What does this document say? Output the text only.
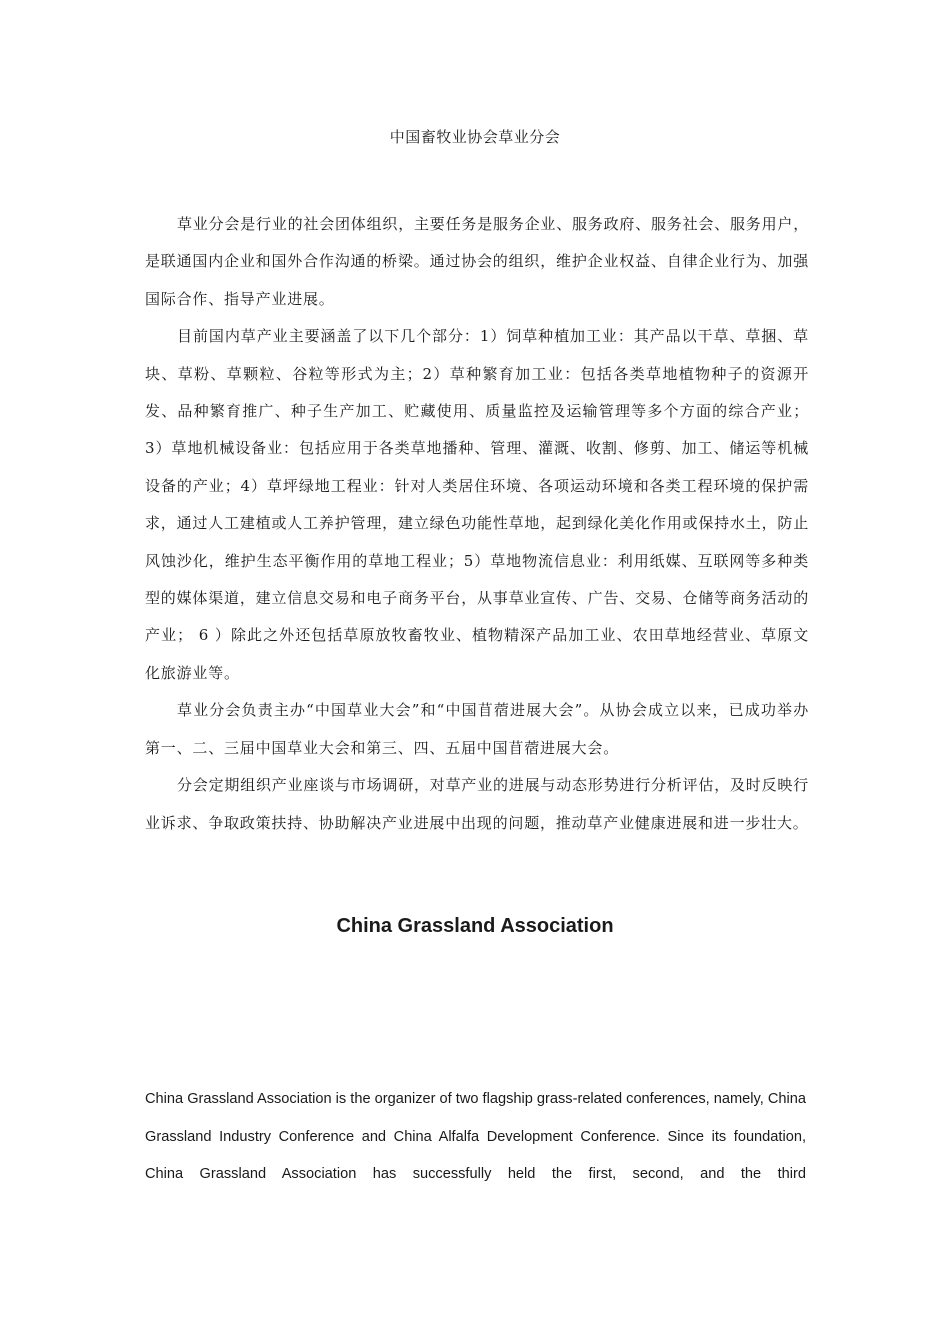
中国畜牧业协会草业分会

草业分会是行业的社会团体组织，主要任务是服务企业、服务政府、服务社会、服务用户，是联通国内企业和国外合作沟通的桥梁。通过协会的组织，维护企业权益、自律企业行为、加强国际合作、指导产业进展。

目前国内草产业主要涵盖了以下几个部分：1）饲草种植加工业：其产品以干草、草捆、草块、草粉、草颗粒、谷粒等形式为主；2）草种繁育加工业：包括各类草地植物种子的资源开发、品种繁育推广、种子生产加工、贮藏使用、质量监控及运输管理等多个方面的综合产业； 3）草地机械设备业：包括应用于各类草地播种、管理、灌溉、收割、修剪、加工、储运等机械设备的产业；4）草坪绿地工程业：针对人类居住环境、各项运动环境和各类工程环境的保护需求，通过人工建植或人工养护管理，建立绿色功能性草地，起到绿化美化作用或保持水土，防止风蚀沙化，维护生态平衡作用的草地工程业；5）草地物流信息业：利用纸媒、互联网等多种类型的媒体渠道，建立信息交易和电子商务平台，从事草业宣传、广告、交易、仓储等商务活动的产业； 6 ）除此之外还包括草原放牧畜牧业、植物精深产品加工业、农田草地经营业、草原文化旅游业等。

草业分会负责主办“中国草业大会”和“中国苜蓿进展大会”。从协会成立以来，已成功举办第一、二、三届中国草业大会和第三、四、五届中国苜蓿进展大会。

分会定期组织产业座谈与市场调研，对草产业的进展与动态形势进行分析评估，及时反映行业诉求、争取政策扶持、协助解决产业进展中出现的问题，推动草产业健康进展和进一步壮大。

China Grassland Association

China Grassland Association is the organizer of two flagship grass-related conferences, namely, China Grassland Industry Conference and China Alfalfa Development Conference. Since its foundation, China Grassland Association has successfully held the first, second, and the third
